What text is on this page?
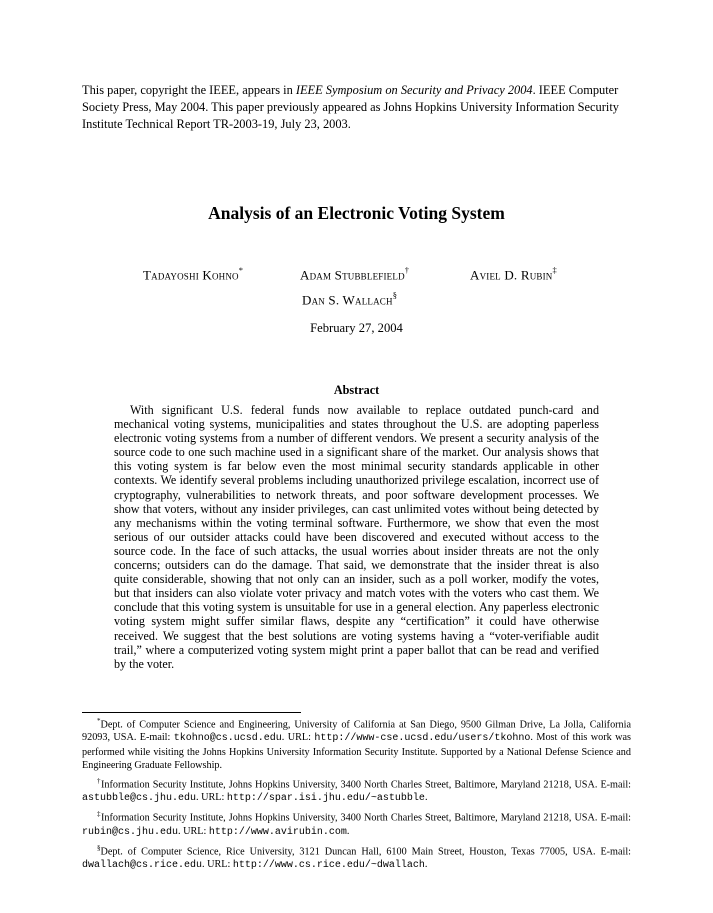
This paper, copyright the IEEE, appears in IEEE Symposium on Security and Privacy 2004. IEEE Computer Society Press, May 2004. This paper previously appeared as Johns Hopkins University Information Security Institute Technical Report TR-2003-19, July 23, 2003.
Analysis of an Electronic Voting System
Tadayoshi Kohno*	Adam Stubblefield†	Aviel D. Rubin‡
Dan S. Wallach§
February 27, 2004
Abstract
With significant U.S. federal funds now available to replace outdated punch-card and mechanical voting systems, municipalities and states throughout the U.S. are adopting paperless electronic voting systems from a number of different vendors. We present a security analysis of the source code to one such machine used in a significant share of the market. Our analysis shows that this voting system is far below even the most minimal security standards applicable in other contexts. We identify several problems including unauthorized privilege escalation, incorrect use of cryptography, vulnerabilities to network threats, and poor software development processes. We show that voters, without any insider privileges, can cast unlimited votes without being detected by any mechanisms within the voting terminal software. Furthermore, we show that even the most serious of our outsider attacks could have been discovered and executed without access to the source code. In the face of such attacks, the usual worries about insider threats are not the only concerns; outsiders can do the damage. That said, we demonstrate that the insider threat is also quite considerable, showing that not only can an insider, such as a poll worker, modify the votes, but that insiders can also violate voter privacy and match votes with the voters who cast them. We conclude that this voting system is unsuitable for use in a general election. Any paperless electronic voting system might suffer similar flaws, despite any “certification” it could have otherwise received. We suggest that the best solutions are voting systems having a “voter-verifiable audit trail,” where a computerized voting system might print a paper ballot that can be read and verified by the voter.

*Dept. of Computer Science and Engineering, University of California at San Diego, 9500 Gilman Drive, La Jolla, California 92093, USA. E-mail: tkohno@cs.ucsd.edu. URL: http://www-cse.ucsd.edu/users/tkohno. Most of this work was performed while visiting the Johns Hopkins University Information Security Institute. Supported by a National Defense Science and Engineering Graduate Fellowship.

†Information Security Institute, Johns Hopkins University, 3400 North Charles Street, Baltimore, Maryland 21218, USA. E-mail: astubble@cs.jhu.edu. URL: http://spar.isi.jhu.edu/~astubble.

‡Information Security Institute, Johns Hopkins University, 3400 North Charles Street, Baltimore, Maryland 21218, USA. E-mail: rubin@cs.jhu.edu. URL: http://www.avirubin.com.

§Dept. of Computer Science, Rice University, 3121 Duncan Hall, 6100 Main Street, Houston, Texas 77005, USA. E-mail: dwallach@cs.rice.edu. URL: http://www.cs.rice.edu/~dwallach.
